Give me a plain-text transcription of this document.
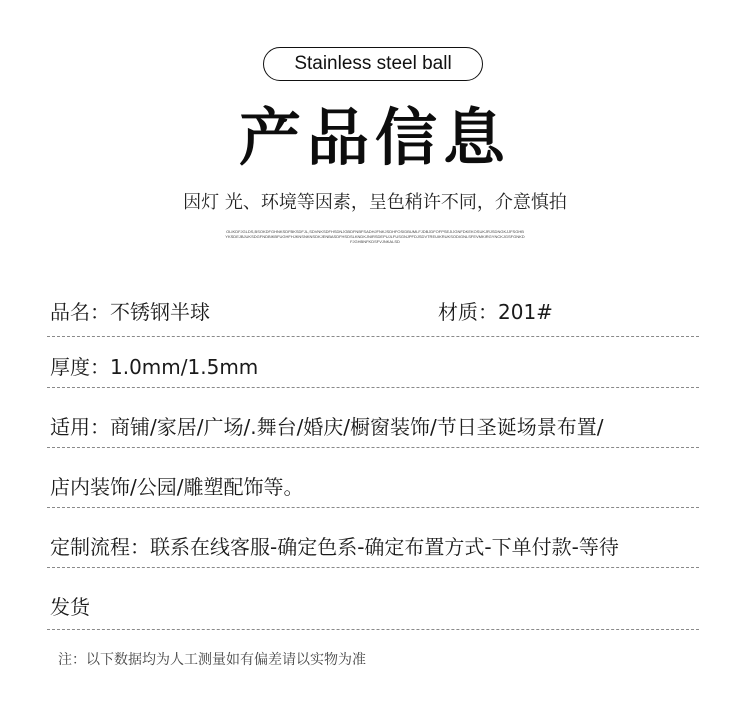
Stainless steel ball
产品信息
因灯 光、环境等因素，呈色稍许不同，介意慎拍
OLIKDFJGLDS,BSOKDFGHNKSDFBKSDFJL,SDVNKSDFHSDNJGBDFNBFSADHJFNKJSDHFOSIDBUMLFJDBJDFOFPSEJIJGNFDKEKOSUKJRJSDNGKJJFSGHBYKSDEJBJUKSDGFNDBIKBFUGHFHJKNSNKNSDKJENBASDFHSDSLKNDKJNIRSDEPUJLFUSGNJPFDJSDVTREUIKRUKSODIGNLSFEVMKIRGYNCKJGSFGNKDFJGHBNFKDSFVJNKALSD
品名：不锈钢半球	材质：201#
厚度：1.0mm/1.5mm
适用：商铺/家居/广场/.舞台/婚庆/橱窗装饰/节日圣诞场景布置/
店内装饰/公园/雕塑配饰等。
定制流程：联系在线客服-确定色系-确定布置方式-下单付款-等待
发货
注：以下数据均为人工测量如有偏差请以实物为准
